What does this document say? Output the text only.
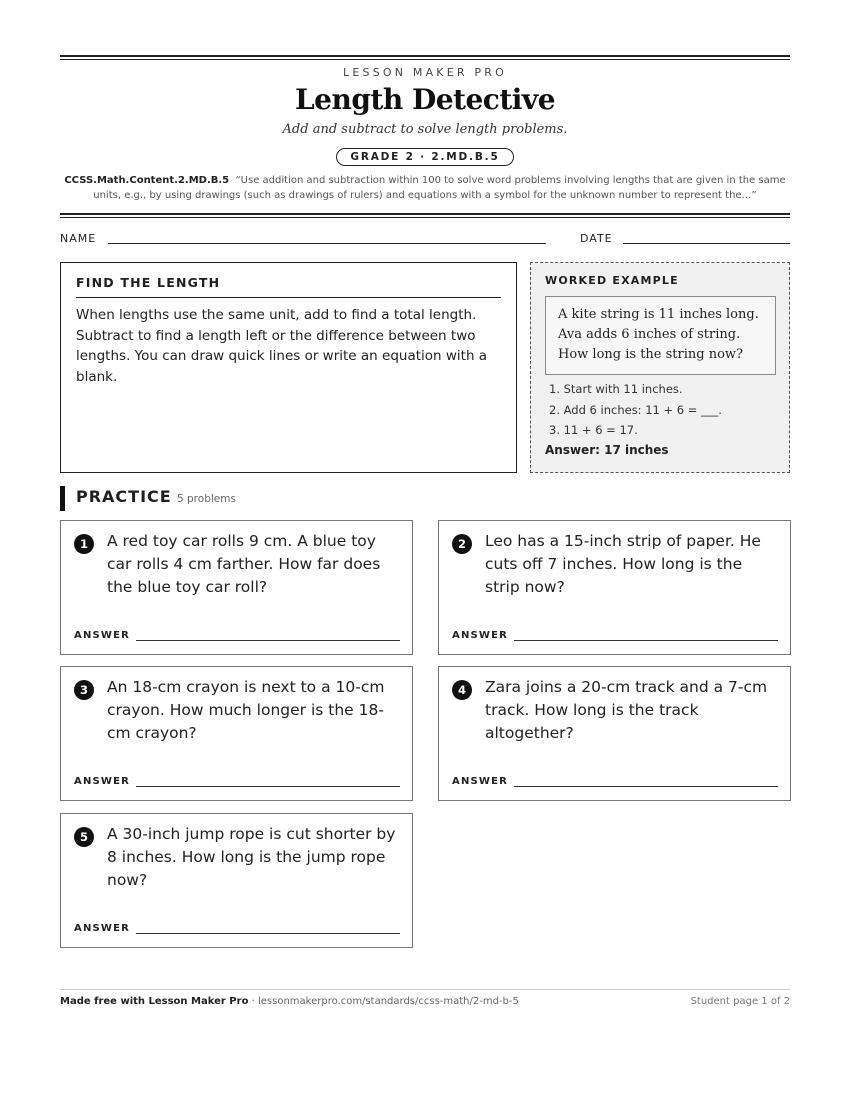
LESSON MAKER PRO
Length Detective
Add and subtract to solve length problems.
GRADE 2 · 2.MD.B.5
CCSS.Math.Content.2.MD.B.5 “Use addition and subtraction within 100 to solve word problems involving lengths that are given in the same units, e.g., by using drawings (such as drawings of rulers) and equations with a symbol for the unknown number to represent the…”
NAME	DATE
FIND THE LENGTH
When lengths use the same unit, add to find a total length. Subtract to find a length left or the difference between two lengths. You can draw quick lines or write an equation with a blank.
WORKED EXAMPLE
A kite string is 11 inches long. Ava adds 6 inches of string. How long is the string now?
1. Start with 11 inches.
2. Add 6 inches: 11 + 6 = ___.
3. 11 + 6 = 17.
Answer: 17 inches
PRACTICE 5 problems
1	A red toy car rolls 9 cm. A blue toy car rolls 4 cm farther. How far does the blue toy car roll?
ANSWER
2	Leo has a 15-inch strip of paper. He cuts off 7 inches. How long is the strip now?
ANSWER
3	An 18-cm crayon is next to a 10-cm crayon. How much longer is the 18-cm crayon?
ANSWER
4	Zara joins a 20-cm track and a 7-cm track. How long is the track altogether?
ANSWER
5	A 30-inch jump rope is cut shorter by 8 inches. How long is the jump rope now?
ANSWER
Made free with Lesson Maker Pro · lessonmakerpro.com/standards/ccss-math/2-md-b-5	Student page 1 of 2
